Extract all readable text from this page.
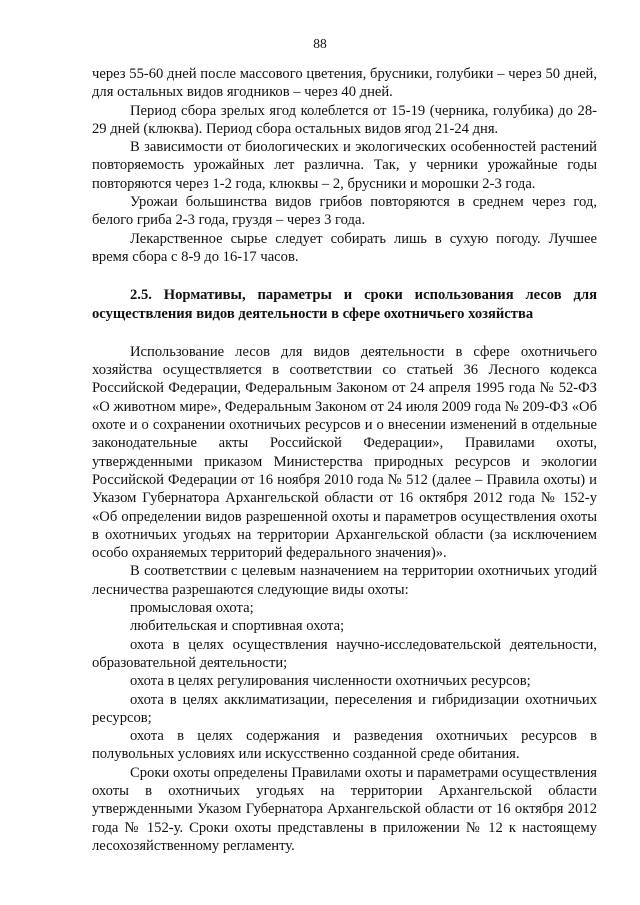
88

через 55-60 дней после массового цветения, брусники, голубики – через 50 дней, для остальных видов ягодников – через 40 дней.

Период сбора зрелых ягод колеблется от 15-19 (черника, голубика) до 28-29 дней (клюква). Период сбора остальных видов ягод 21-24 дня.

В зависимости от биологических и экологических особенностей растений повторяемость урожайных лет различна. Так, у черники урожайные годы повторяются через 1-2 года, клюквы – 2, брусники и морошки 2-3 года.

Урожаи большинства видов грибов повторяются в среднем через год, белого гриба 2-3 года, груздя – через 3 года.

Лекарственное сырье следует собирать лишь в сухую погоду. Лучшее время сбора с 8-9 до 16-17 часов.

2.5. Нормативы, параметры и сроки использования лесов для осуществления видов деятельности в сфере охотничьего хозяйства

Использование лесов для видов деятельности в сфере охотничьего хозяйства осуществляется в соответствии со статьей 36 Лесного кодекса Российской Федерации, Федеральным Законом от 24 апреля 1995 года № 52-ФЗ «О животном мире», Федеральным Законом от 24 июля 2009 года № 209-ФЗ «Об охоте и о сохранении охотничьих ресурсов и о внесении изменений в отдельные законодательные акты Российской Федерации», Правилами охоты, утвержденными приказом Министерства природных ресурсов и экологии Российской Федерации от 16 ноября 2010 года № 512 (далее – Правила охоты) и Указом Губернатора Архангельской области от 16 октября 2012 года № 152-у «Об определении видов разрешенной охоты и параметров осуществления охоты в охотничьих угодьях на территории Архангельской области (за исключением особо охраняемых территорий федерального значения)».

В соответствии с целевым назначением на территории охотничьих угодий лесничества разрешаются следующие виды охоты:

промысловая охота;

любительская и спортивная охота;

охота в целях осуществления научно-исследовательской деятельности, образовательной деятельности;

охота в целях регулирования численности охотничьих ресурсов;

охота в целях акклиматизации, переселения и гибридизации охотничьих ресурсов;

охота в целях содержания и разведения охотничьих ресурсов в полувольных условиях или искусственно созданной среде обитания.

Сроки охоты определены Правилами охоты и параметрами осуществления охоты в охотничьих угодьях на территории Архангельской области утвержденными Указом Губернатора Архангельской области от 16 октября 2012 года № 152-у. Сроки охоты представлены в приложении № 12 к настоящему лесохозяйственному регламенту.
